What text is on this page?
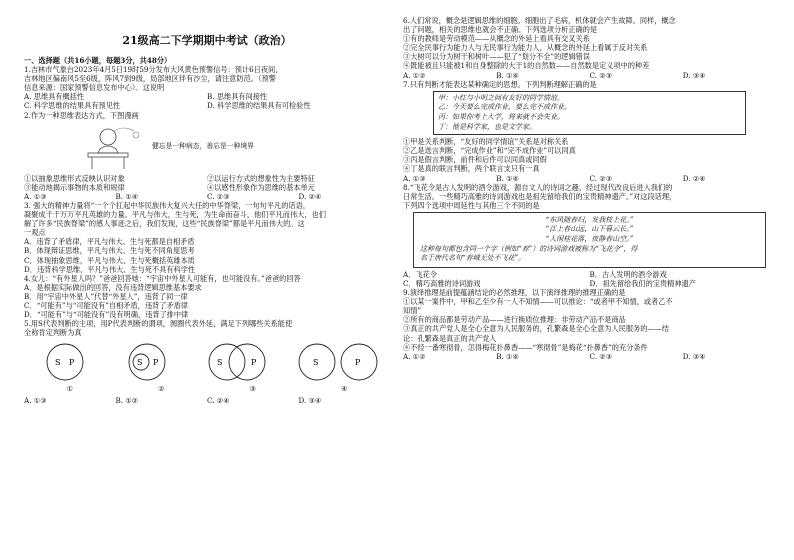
21级高二下学期期中考试（政治）

一、选择题（共16小题，每题3分，共48分）

1.吉林市气象台2023年4月5日19时59分发布大风黄色预警信号：预计6日夜间，

吉林地区偏南风5至6级，阵风7到9级，局部地区伴有沙尘，请注意防范。（预警

信息来源：国家预警信息发布中心）。这说明

A. 思维具有概括性	B. 思维具有间接性
C. 科学思维的结果具有预见性	D. 科学思维的结果具有可检验性

2.作为一种思维表达方式，下图漫画

健忘是一种病态，善忘是一种境界
①以抽象思维形式反映认识对象	②以运行方式的想象性为主要特征
③能动地揭示事物的本质和规律	④以感性形象作为思维的基本单元
A. ①③	B. ①④	C. ②③	D. ②④

3. 强大的精神力量将“一个个扛起中华民族伟大复兴大任的中华脊梁，一句句平凡的话语，

凝聚成千千万万平凡英雄的力量。平凡与伟大，生与死，为生命而奋斗，他们平凡而伟大，也们

解了许多“民族脊梁”的感人事迹之后，我们发现，这些“民族脊梁”都是平凡而伟大的。这

一观点

A．违背了矛盾律，平凡与伟大、生与死都是自相矛盾

B．体现辩证思维，平凡与伟大、生与死不同角度思考

C．体现抽象思维，平凡与伟大、生与死概括英雄本质

D．违背科学思维，平凡与伟大、生与死不具有科学性

4.女儿：“有外星人吗？”爸爸回答她：“宇宙中外星人可能有，也可能没有。”爸爸的回答

A．是根据实际做出的回答，没有违背逻辑思维基本要求

B．用“宇宙中外星人”代替“外星人”，违背了同一律

C．“可能有”与“可能没有”自相矛盾，违背了矛盾律

D．“可能有”与“可能没有”没有明确，违背了排中律

5.用S代表判断的主项，用P代表判断的谓项，圆圈代表外延，满足下列哪些关系能使

全称肯定判断为真

S P	S P	S	P	S	P
①	②	③	④
A. ①③	B. ①②	C. ②④	D. ③④

6.人们常说，概念是逻辑思维的细胞。细胞出了毛病，机体就会产生故障。同样，概念

出了问题，相关的思维也就会不正确。下列选项分析正确的是

①有的教师是劳动模范——从概念的外延上看具有交叉关系

②完全民事行为能力人与无民事行为能力人，从概念的外延上看属于反对关系

③大树可以分为树干和树叶——犯了“划分不全”的逻辑错误

④既能被且只能被1和自身整除的大于1的自然数——自然数是定义项中的种差

A. ①②	B. ①④	C. ②③	D. ③④

7.只有判断才能表达某种确定的思想。下列判断理解正确的是

甲：小红与小明之间有友好的同学情谊。

乙：今天要么完成作业，要么完不成作业。

丙：如果你考上大学，将来就不会失业。

丁：他是科学家，也是文学家。

①甲是关系判断，“友好的同学情谊”关系是对称关系

②乙是选言判断，“完成作业”和“完不成作业”可以同真

③丙是假言判断，前件和后件可以同真或同假

④丁是真的联言判断，两个联言支只有一真

A. ①③	B. ①④	C. ②③	D. ②④

8.“飞花令是古人发明的酒令游戏，源自文人的诗词之趣，经过现代改良后进入我们的

日常生活。一些精巧高雅的诗词游戏也是祖先留给我们的宝贵精神遗产。”对这段话理，

下列四个选项中周延性与其他三个不同的是

“东风随春归，发我枝上花。”

“江上春山远，山下暮云长。”

“人闲桂花落，夜静春山空。”

这种每句都包含同一个字（例如“春”）的诗词游戏被称为“飞花令”，得

名于唐代名句“春城无处不飞花”。

A．飞花令	B．古人发明的酒令游戏
C．精巧高雅的诗词游戏	D．祖先留给我们的宝贵精神遗产

9.演绎推理是前提蕴涵结论的必然推理，以下演绎推理的推理正确的是

①以某一案件中，甲和乙至少有一人不知情——可以推论：“或者甲不知情，或者乙不

知情”

②所有的商品都是劳动产品——进行换质位推理：非劳动产品不是商品

③真正的共产党人是全心全意为人民服务的，孔繁森是全心全意为人民服务的——结

论：孔繁森是真正的共产党人

④不经一番寒彻骨，怎得梅花扑鼻香——“寒彻骨”是梅花“扑鼻香”的充分条件

A. ①②	B. ①④	C. ②③	D. ③④
